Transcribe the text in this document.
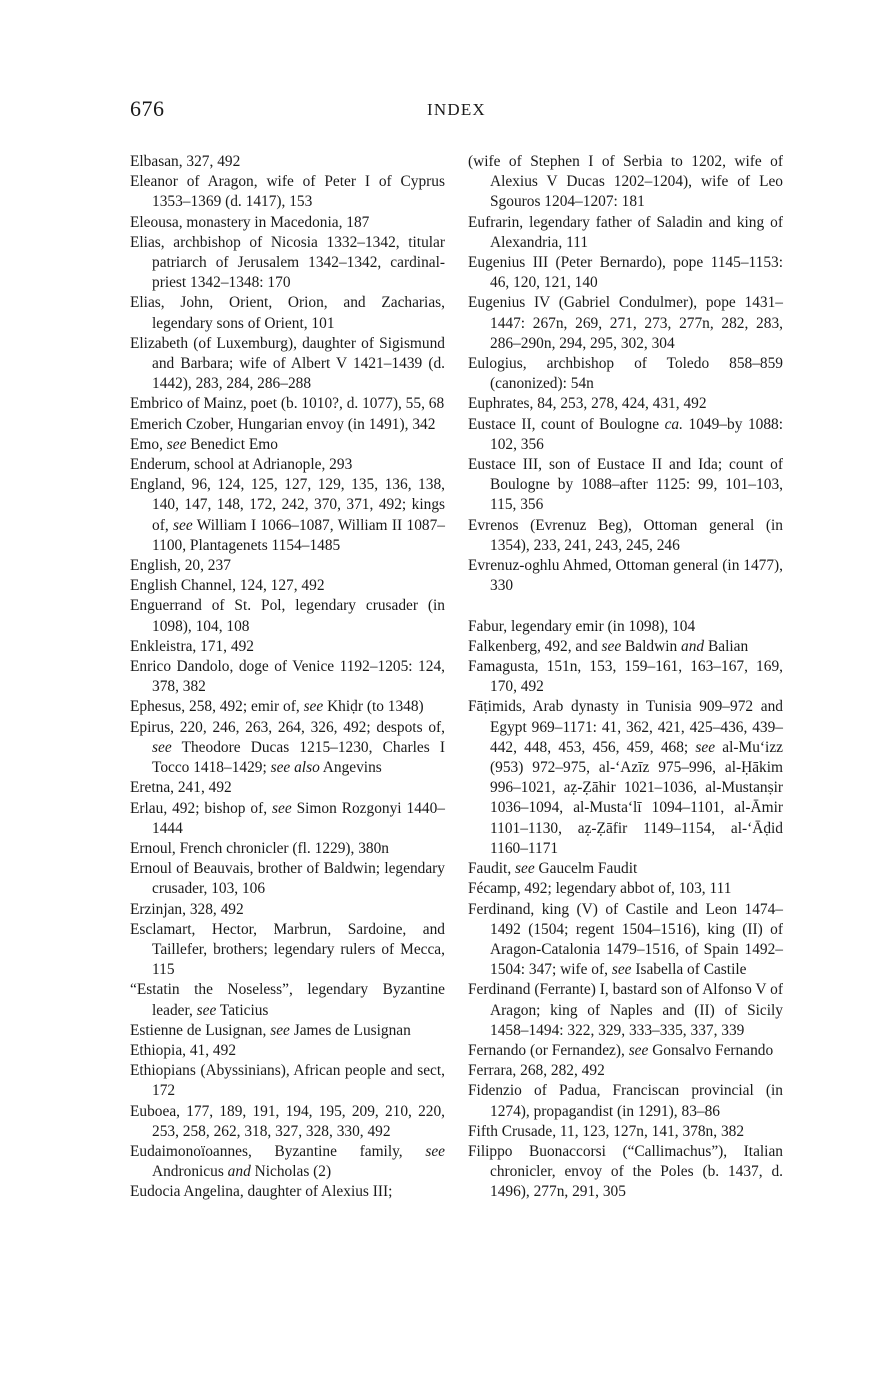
676	INDEX
Elbasan, 327, 492
Eleanor of Aragon, wife of Peter I of Cyprus 1353–1369 (d. 1417), 153
Eleousa, monastery in Macedonia, 187
Elias, archbishop of Nicosia 1332–1342, titular patriarch of Jerusalem 1342–1342, cardinal-priest 1342–1348: 170
Elias, John, Orient, Orion, and Zacharias, legendary sons of Orient, 101
Elizabeth (of Luxemburg), daughter of Sigismund and Barbara; wife of Albert V 1421–1439 (d. 1442), 283, 284, 286–288
Embrico of Mainz, poet (b. 1010?, d. 1077), 55, 68
Emerich Czober, Hungarian envoy (in 1491), 342
Emo, see Benedict Emo
Enderum, school at Adrianople, 293
England, 96, 124, 125, 127, 129, 135, 136, 138, 140, 147, 148, 172, 242, 370, 371, 492; kings of, see William I 1066–1087, William II 1087–1100, Plantagenets 1154–1485
English, 20, 237
English Channel, 124, 127, 492
Enguerrand of St. Pol, legendary crusader (in 1098), 104, 108
Enkleistra, 171, 492
Enrico Dandolo, doge of Venice 1192–1205: 124, 378, 382
Ephesus, 258, 492; emir of, see Khiḍr (to 1348)
Epirus, 220, 246, 263, 264, 326, 492; despots of, see Theodore Ducas 1215–1230, Charles I Tocco 1418–1429; see also Angevins
Eretna, 241, 492
Erlau, 492; bishop of, see Simon Rozgonyi 1440–1444
Ernoul, French chronicler (fl. 1229), 380n
Ernoul of Beauvais, brother of Baldwin; legendary crusader, 103, 106
Erzinjan, 328, 492
Esclamart, Hector, Marbrun, Sardoine, and Taillefer, brothers; legendary rulers of Mecca, 115
“Estatin the Noseless”, legendary Byzantine leader, see Taticius
Estienne de Lusignan, see James de Lusignan
Ethiopia, 41, 492
Ethiopians (Abyssinians), African people and sect, 172
Euboea, 177, 189, 191, 194, 195, 209, 210, 220, 253, 258, 262, 318, 327, 328, 330, 492
Eudaimonoïoannes, Byzantine family, see Andronicus and Nicholas (2)
Eudocia Angelina, daughter of Alexius III;
(wife of Stephen I of Serbia to 1202, wife of Alexius V Ducas 1202–1204), wife of Leo Sgouros 1204–1207: 181
Eufrarin, legendary father of Saladin and king of Alexandria, 111
Eugenius III (Peter Bernardo), pope 1145–1153: 46, 120, 121, 140
Eugenius IV (Gabriel Condulmer), pope 1431–1447: 267n, 269, 271, 273, 277n, 282, 283, 286–290n, 294, 295, 302, 304
Eulogius, archbishop of Toledo 858–859 (canonized): 54n
Euphrates, 84, 253, 278, 424, 431, 492
Eustace II, count of Boulogne ca. 1049–by 1088: 102, 356
Eustace III, son of Eustace II and Ida; count of Boulogne by 1088–after 1125: 99, 101–103, 115, 356
Evrenos (Evrenuz Beg), Ottoman general (in 1354), 233, 241, 243, 245, 246
Evrenuz-oghlu Ahmed, Ottoman general (in 1477), 330
Fabur, legendary emir (in 1098), 104
Falkenberg, 492, and see Baldwin and Balian
Famagusta, 151n, 153, 159–161, 163–167, 169, 170, 492
Fāṭimids, Arab dynasty in Tunisia 909–972 and Egypt 969–1171: 41, 362, 421, 425–436, 439–442, 448, 453, 456, 459, 468; see al-Mu‘izz (953) 972–975, al-‘Azīz 975–996, al-Ḥākim 996–1021, aẓ-Ẓāhir 1021–1036, al-Mustanṣir 1036–1094, al-Musta‘lī 1094–1101, al-Āmir 1101–1130, aẓ-Ẓāfir 1149–1154, al-‘Āḍid 1160–1171
Faudit, see Gaucelm Faudit
Fécamp, 492; legendary abbot of, 103, 111
Ferdinand, king (V) of Castile and Leon 1474–1492 (1504; regent 1504–1516), king (II) of Aragon-Catalonia 1479–1516, of Spain 1492–1504: 347; wife of, see Isabella of Castile
Ferdinand (Ferrante) I, bastard son of Alfonso V of Aragon; king of Naples and (II) of Sicily 1458–1494: 322, 329, 333–335, 337, 339
Fernando (or Fernandez), see Gonsalvo Fernando
Ferrara, 268, 282, 492
Fidenzio of Padua, Franciscan provincial (in 1274), propagandist (in 1291), 83–86
Fifth Crusade, 11, 123, 127n, 141, 378n, 382
Filippo Buonaccorsi (“Callimachus”), Italian chronicler, envoy of the Poles (b. 1437, d. 1496), 277n, 291, 305
